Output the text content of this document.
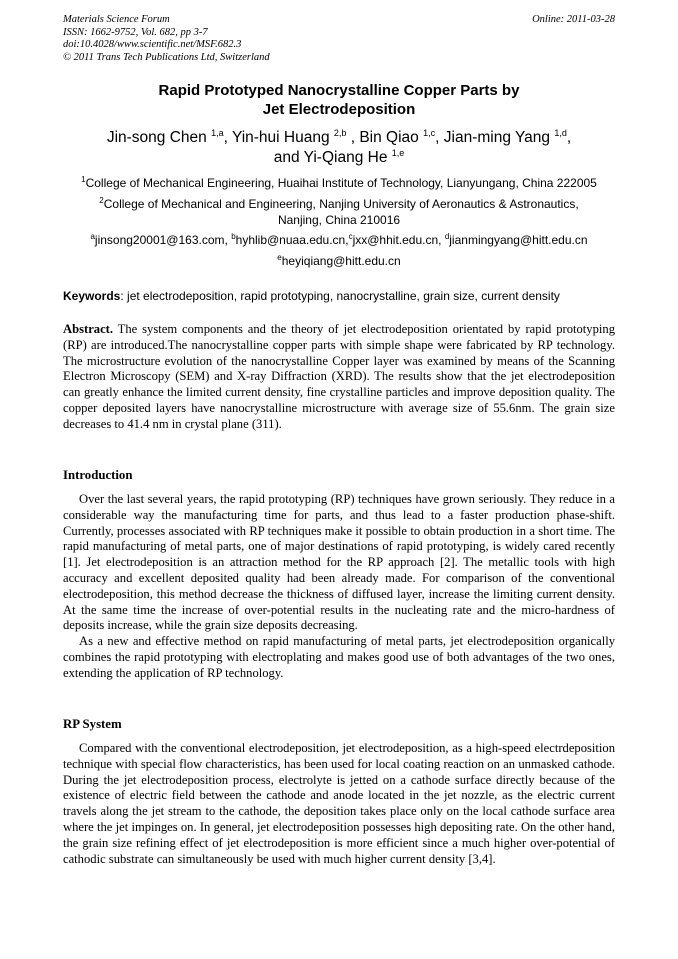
Materials Science Forum
ISSN: 1662-9752, Vol. 682, pp 3-7
doi:10.4028/www.scientific.net/MSF.682.3
© 2011 Trans Tech Publications Ltd, Switzerland
Online: 2011-03-28
Rapid Prototyped Nanocrystalline Copper Parts by
Jet Electrodeposition
Jin-song Chen $^{1,a}$, Yin-hui Huang $^{2,b}$ , Bin Qiao $^{1,c}$, Jian-ming Yang $^{1,d}$,
and Yi-Qiang He $^{1,e}$
$^1$College of Mechanical Engineering, Huaihai Institute of Technology, Lianyungang, China 222005
$^2$College of Mechanical and Engineering, Nanjing University of Aeronautics & Astronautics,
Nanjing, China 210016
$^a$jinsong20001@163.com, $^b$hyhlib@nuaa.edu.cn,$^c$jxx@hhit.edu.cn, $^d$jianmingyang@hitt.edu.cn
$^e$heyiqiang@hitt.edu.cn
Keywords: jet electrodeposition, rapid prototyping, nanocrystalline, grain size, current density

Abstract. The system components and the theory of jet electrodeposition orientated by rapid prototyping (RP) are introduced.The nanocrystalline copper parts with simple shape were fabricated by RP technology. The microstructure evolution of the nanocrystalline Copper layer was examined by means of the Scanning Electron Microscopy (SEM) and X-ray Diffraction (XRD). The results show that the jet electrodeposition can greatly enhance the limited current density, fine crystalline particles and improve deposition quality. The copper deposited layers have nanocrystalline microstructure with average size of 55.6nm. The grain size decreases to 41.4 nm in crystal plane (311).

Introduction

Over the last several years, the rapid prototyping (RP) techniques have grown seriously. They reduce in a considerable way the manufacturing time for parts, and thus lead to a faster production phase-shift. Currently, processes associated with RP techniques make it possible to obtain production in a short time. The rapid manufacturing of metal parts, one of major destinations of rapid prototyping, is widely cared recently [1]. Jet electrodeposition is an attraction method for the RP approach [2]. The metallic tools with high accuracy and excellent deposited quality had been already made. For comparison of the conventional electrodeposition, this method decrease the thickness of diffused layer, increase the limiting current density. At the same time the increase of over-potential results in the nucleating rate and the micro-hardness of deposits increase, while the grain size deposits decreasing.

As a new and effective method on rapid manufacturing of metal parts, jet electrodeposition organically combines the rapid prototyping with electroplating and makes good use of both advantages of the two ones, extending the application of RP technology.

RP System

Compared with the conventional electrodeposition, jet electrodeposition, as a high-speed electrdeposition technique with special flow characteristics, has been used for local coating reaction on an unmasked cathode. During the jet electrodeposition process, electrolyte is jetted on a cathode surface directly because of the existence of electric field between the cathode and anode located in the jet nozzle, as the electric current travels along the jet stream to the cathode, the deposition takes place only on the local cathode surface area where the jet impinges on. In general, jet electrodeposition possesses high depositing rate. On the other hand, the grain size refining effect of jet electrodeposition is more efficient since a much higher over-potential of cathodic substrate can simultaneously be used with much higher current density [3,4].
